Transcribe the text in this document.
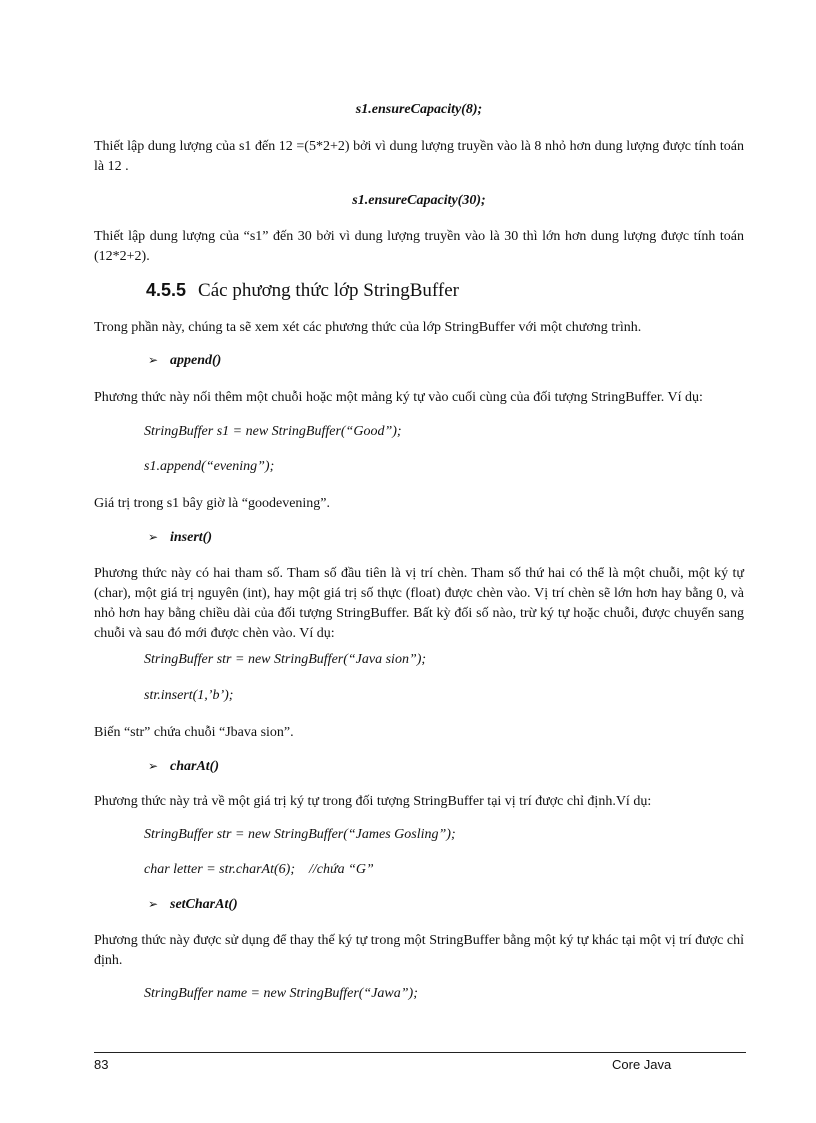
s1.ensureCapacity(8);
Thiết lập dung lượng của s1 đến 12 =(5*2+2) bởi vì dung lượng truyền vào là 8 nhỏ hơn dung lượng được tính toán là 12 .
s1.ensureCapacity(30);
Thiết lập dung lượng của “s1” đến 30 bởi vì dung lượng truyền vào là 30 thì lớn hơn dung lượng được tính toán (12*2+2).
4.5.5 Các phương thức lớp StringBuffer
Trong phần này, chúng ta sẽ xem xét các phương thức của lớp StringBuffer với một chương trình.
➢ append()
Phương thức này nối thêm một chuỗi hoặc một mảng ký tự vào cuối cùng của đối tượng StringBuffer. Ví dụ:
StringBuffer s1 = new StringBuffer(“Good”);
s1.append(“evening”);
Giá trị trong s1 bây giờ là “goodevening”.
➢ insert()
Phương thức này có hai tham số. Tham số đầu tiên là vị trí chèn. Tham số thứ hai có thể là một chuỗi, một ký tự (char), một giá trị nguyên (int), hay một giá trị số thực (float) được chèn vào. Vị trí chèn sẽ lớn hơn hay bằng 0, và nhỏ hơn hay bằng chiều dài của đối tượng StringBuffer. Bất kỳ đối số nào, trừ ký tự hoặc chuỗi, được chuyển sang chuỗi và sau đó mới được chèn vào. Ví dụ:
StringBuffer str = new StringBuffer(“Java sion”);
str.insert(1,’b’);
Biến “str” chứa chuỗi “Jbava sion”.
➢ charAt()
Phương thức này trả về một giá trị ký tự trong đối tượng StringBuffer tại vị trí được chỉ định.Ví dụ:
StringBuffer str = new StringBuffer(“James Gosling”);
char letter = str.charAt(6);    //chứa “G”
➢ setCharAt()
Phương thức này được sử dụng để thay thế ký tự trong một StringBuffer bằng một ký tự khác tại một vị trí được chỉ định.
StringBuffer name = new StringBuffer(“Jawa”);
83	Core Java
